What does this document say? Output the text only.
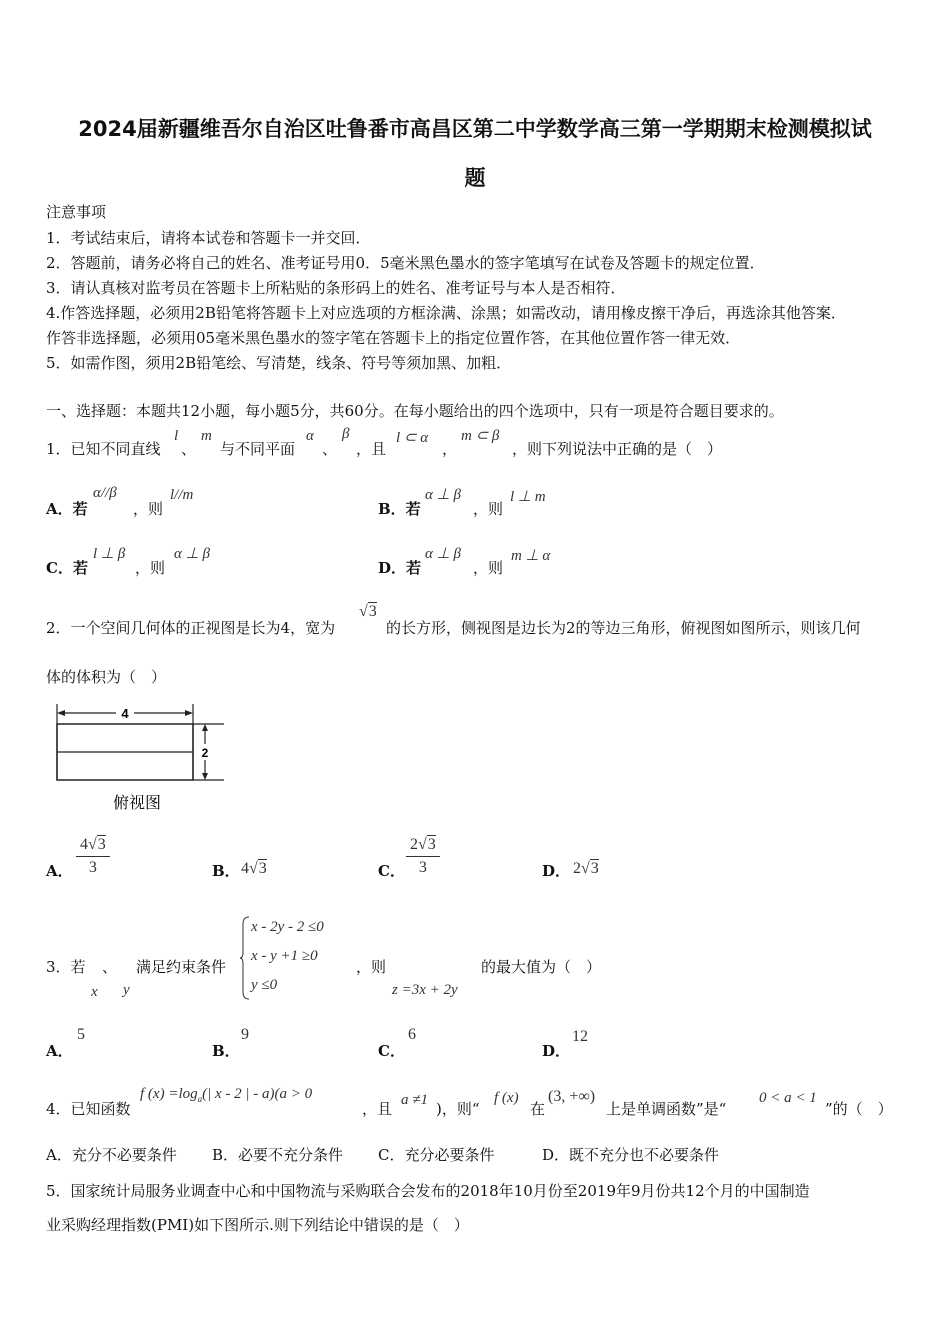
2024届新疆维吾尔自治区吐鲁番市高昌区第二中学数学高三第一学期期末检测模拟试
题
注意事项
1．考试结束后，请将本试卷和答题卡一并交回．
2．答题前，请务必将自己的姓名、准考证号用0．5毫米黑色墨水的签字笔填写在试卷及答题卡的规定位置．
3．请认真核对监考员在答题卡上所粘贴的条形码上的姓名、准考证号与本人是否相符．
4.作答选择题，必须用2B铅笔将答题卡上对应选项的方框涂满、涂黑；如需改动，请用橡皮擦干净后，再选涂其他答案．
作答非选择题，必须用05毫米黑色墨水的签字笔在答题卡上的指定位置作答，在其他位置作答一律无效．
5．如需作图，须用2B铅笔绘、写清楚，线条、符号等须加黑、加粗．
一、选择题：本题共12小题，每小题5分，共60分。在每小题给出的四个选项中，只有一项是符合题目要求的。
1．已知不同直线
l
、
m
与不同平面
α
、
β
，且
l ⊂ α
，
m ⊂ β
，则下列说法中正确的是（　）
A．若
α//β
，则
l//m
B．若
α ⊥ β
，则
l ⊥ m
C．若
l ⊥ β
，则
α ⊥ β
D．若
α ⊥ β
，则
m ⊥ α
2．一个空间几何体的正视图是长为4，宽为
√3
的长方形，侧视图是边长为2的等边三角形，俯视图如图所示，则该几何
体的体积为（　）
4
2
俯视图
A． $\frac{4√3}{3}$	B． 4√3	C． $\frac{2√3}{3}$	D． 2√3
3．若
x
、
y
满足约束条件
x - 2y - 2 ≤0
x - y +1 ≥0
y ≤0
，则
z =3x + 2y
的最大值为（　）
A．
5
B．
9
C．
6
D．
12
4．已知函数
f $(x) =\log_a(|$ x - 2 | - a)(a > 0
，且 a ≠1 )，则“
f (x)
在
(3, +∞)
上是单调函数”是“
0 < a < 1
”的（　）
A．充分不必要条件 B．必要不充分条件 C．充分必要条件	D．既不充分也不必要条件
5．国家统计局服务业调查中心和中国物流与采购联合会发布的2018年10月份至2019年9月份共12个月的中国制造
业采购经理指数(PMI)如下图所示.则下列结论中错误的是（　）
